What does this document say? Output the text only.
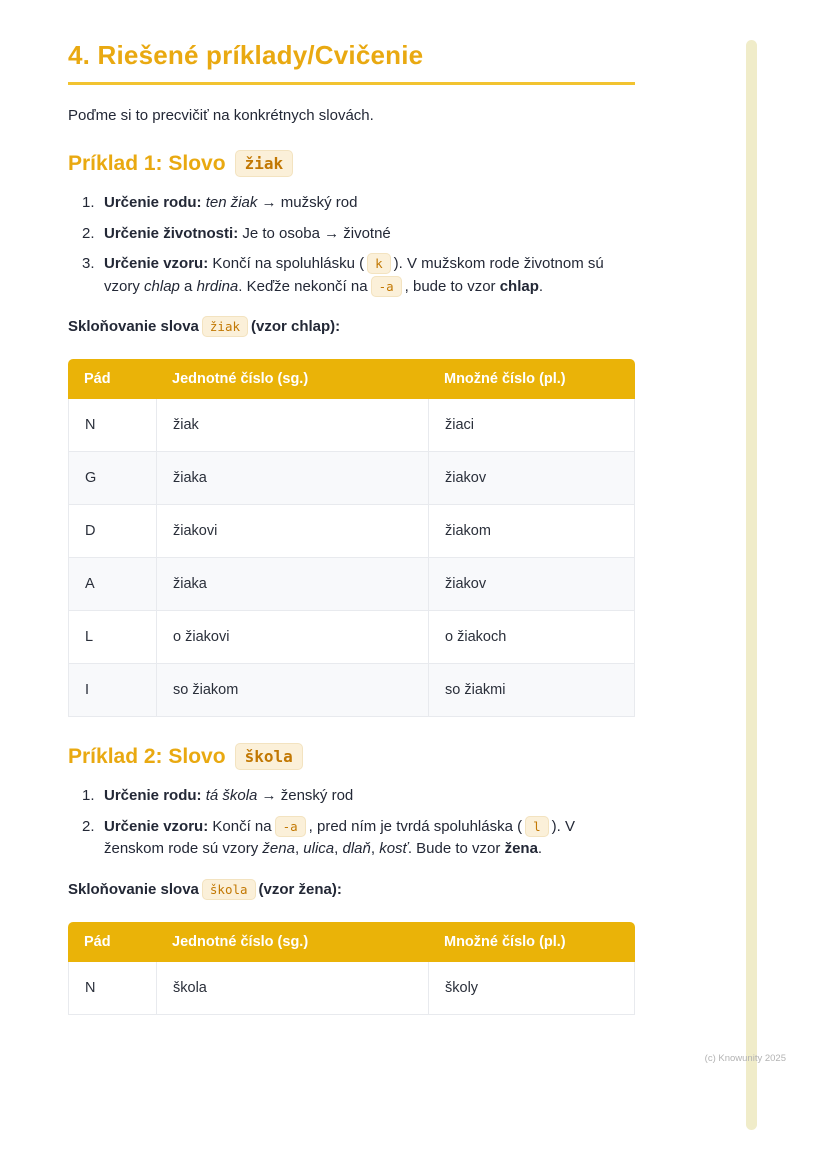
(c) Knowunity 2025
4. Riešené príklady/Cvičenie

Poďme si to precvičiť na konkrétnych slovách.

Príklad 1: Slovo	žiak
1. Určenie rodu: ten žiak → mužský rod
2. Určenie životnosti: Je to osoba → životné
3. Určenie vzoru: Končí na spoluhlásku ( k ). V mužskom rode životnom sú vzory chlap a hrdina. Keďže nekončí na -a , bude to vzor chlap.

Skloňovanie slova žiak (vzor chlap):

Pád	Jednotné číslo (sg.)	Množné číslo (pl.)
N	žiak	žiaci
G	žiaka	žiakov
D	žiakovi	žiakom
A	žiaka	žiakov
L	o žiakovi	o žiakoch
I	so žiakom	so žiakmi
Príklad 2: Slovo	škola
1. Určenie rodu: tá škola → ženský rod
2. Určenie vzoru: Končí na -a , pred ním je tvrdá spoluhláska ( l ). V ženskom rode sú vzory žena, ulica, dlaň, kosť. Bude to vzor žena.

Skloňovanie slova škola (vzor žena):

Pád	Jednotné číslo (sg.)	Množné číslo (pl.)
N	škola	školy
